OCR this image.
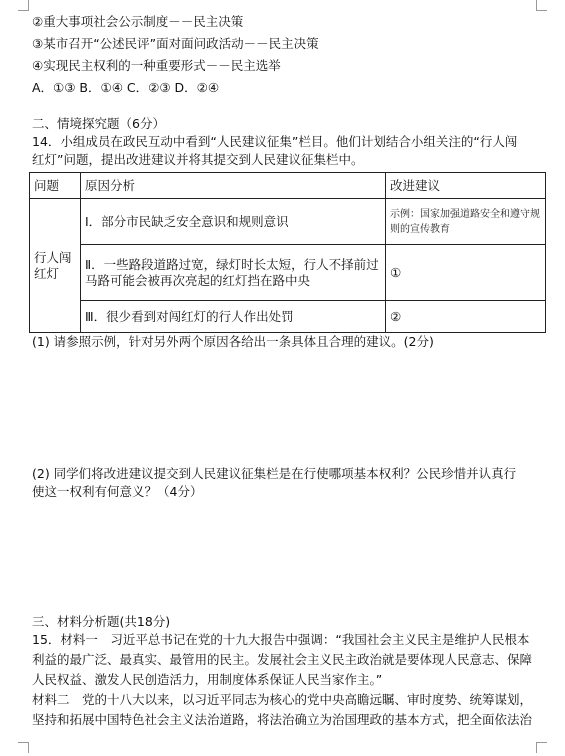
②重大事项社会公示制度－－民主决策
③某市召开“公述民评”面对面问政活动－－民主决策
④实现民主权利的一种重要形式－－民主选举
A．①③ B．①④ C．②③ D．②④
二、情境探究题（6分）
14．小组成员在政民互动中看到“人民建议征集”栏目。他们计划结合小组关注的“行人闯
红灯”问题，提出改进建议并将其提交到人民建议征集栏中。
问题	原因分析	改进建议
行人闯红灯	Ⅰ．部分市民缺乏安全意识和规则意识	示例：国家加强道路安全和遵守规则的宣传教育
	Ⅱ．一些路段道路过宽，绿灯时长太短，行人不择前过马路可能会被再次亮起的红灯挡在路中央	①
	Ⅲ．很少看到对闯红灯的行人作出处罚	②
(1) 请参照示例，针对另外两个原因各给出一条具体且合理的建议。(2分)
(2) 同学们将改进建议提交到人民建议征集栏是在行使哪项基本权利？公民珍惜并认真行
使这一权利有何意义？（4分）
三、材料分析题(共18分)
15．材料一　习近平总书记在党的十九大报告中强调：“我国社会主义民主是维护人民根本
利益的最广泛、最真实、最管用的民主。发展社会主义民主政治就是要体现人民意志、保障
人民权益、激发人民创造活力，用制度体系保证人民当家作主。”
材料二　党的十八大以来，以习近平同志为核心的党中央高瞻远瞩、审时度势、统筹谋划，
坚持和拓展中国特色社会主义法治道路，将法治确立为治国理政的基本方式，把全面依法治
